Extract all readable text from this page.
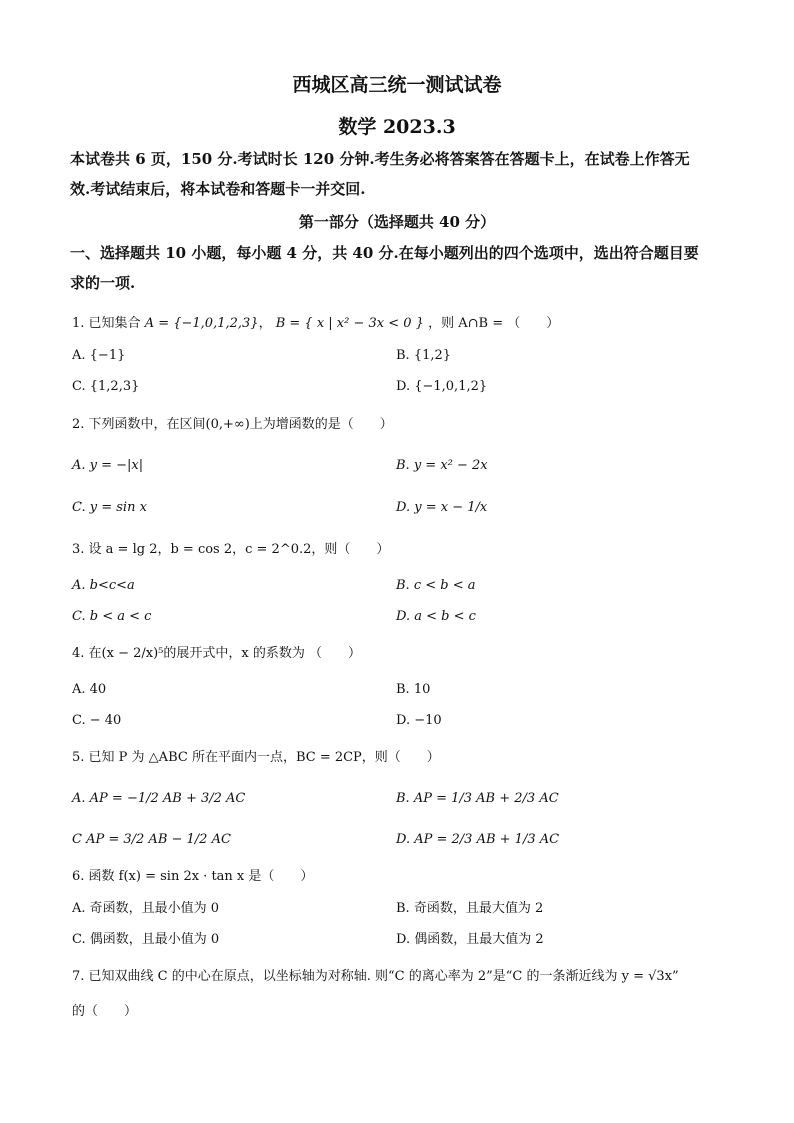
西城区高三统一测试试卷
数学 2023.3
本试卷共 6 页，150 分.考试时长 120 分钟.考生务必将答案答在答题卡上，在试卷上作答无
效.考试结束后，将本试卷和答题卡一并交回.
第一部分（选择题共 40 分）
一、选择题共 10 小题，每小题 4 分，共 40 分.在每小题列出的四个选项中，选出符合题目要
求的一项.
1. 已知集合 A = {−1,0,1,2,3}， B = { x | x² − 3x < 0 } ，则 A∩B = （　　）
A. {−1}	B. {1,2}
C. {1,2,3}	D. {−1,0,1,2}
2. 下列函数中，在区间(0,+∞)上为增函数的是（　　）
A. y = −|x|	B. y = x² − 2x
C. y = sin x	D. y = x − 1/x
3. 设 a = lg 2，b = cos 2，c = 2^0.2，则（　　）
A. b<c<a	B. c < b < a
C. b < a < c	D. a < b < c
4. 在(x − 2/x)⁵的展开式中，x 的系数为 （　　）
A. 40	B. 10
C. − 40	D. −10
5. 已知 P 为 △ABC 所在平面内一点，BC = 2CP，则（　　）
A. AP = −1/2 AB + 3/2 AC	B. AP = 1/3 AB + 2/3 AC
C AP = 3/2 AB − 1/2 AC	D. AP = 2/3 AB + 1/3 AC
6. 函数 f(x) = sin 2x · tan x 是（　　）
A. 奇函数，且最小值为 0	B. 奇函数，且最大值为 2
C. 偶函数，且最小值为 0	D. 偶函数，且最大值为 2
7. 已知双曲线 C 的中心在原点，以坐标轴为对称轴. 则“C 的离心率为 2”是“C 的一条渐近线为 y = √3x”
的（　　）
